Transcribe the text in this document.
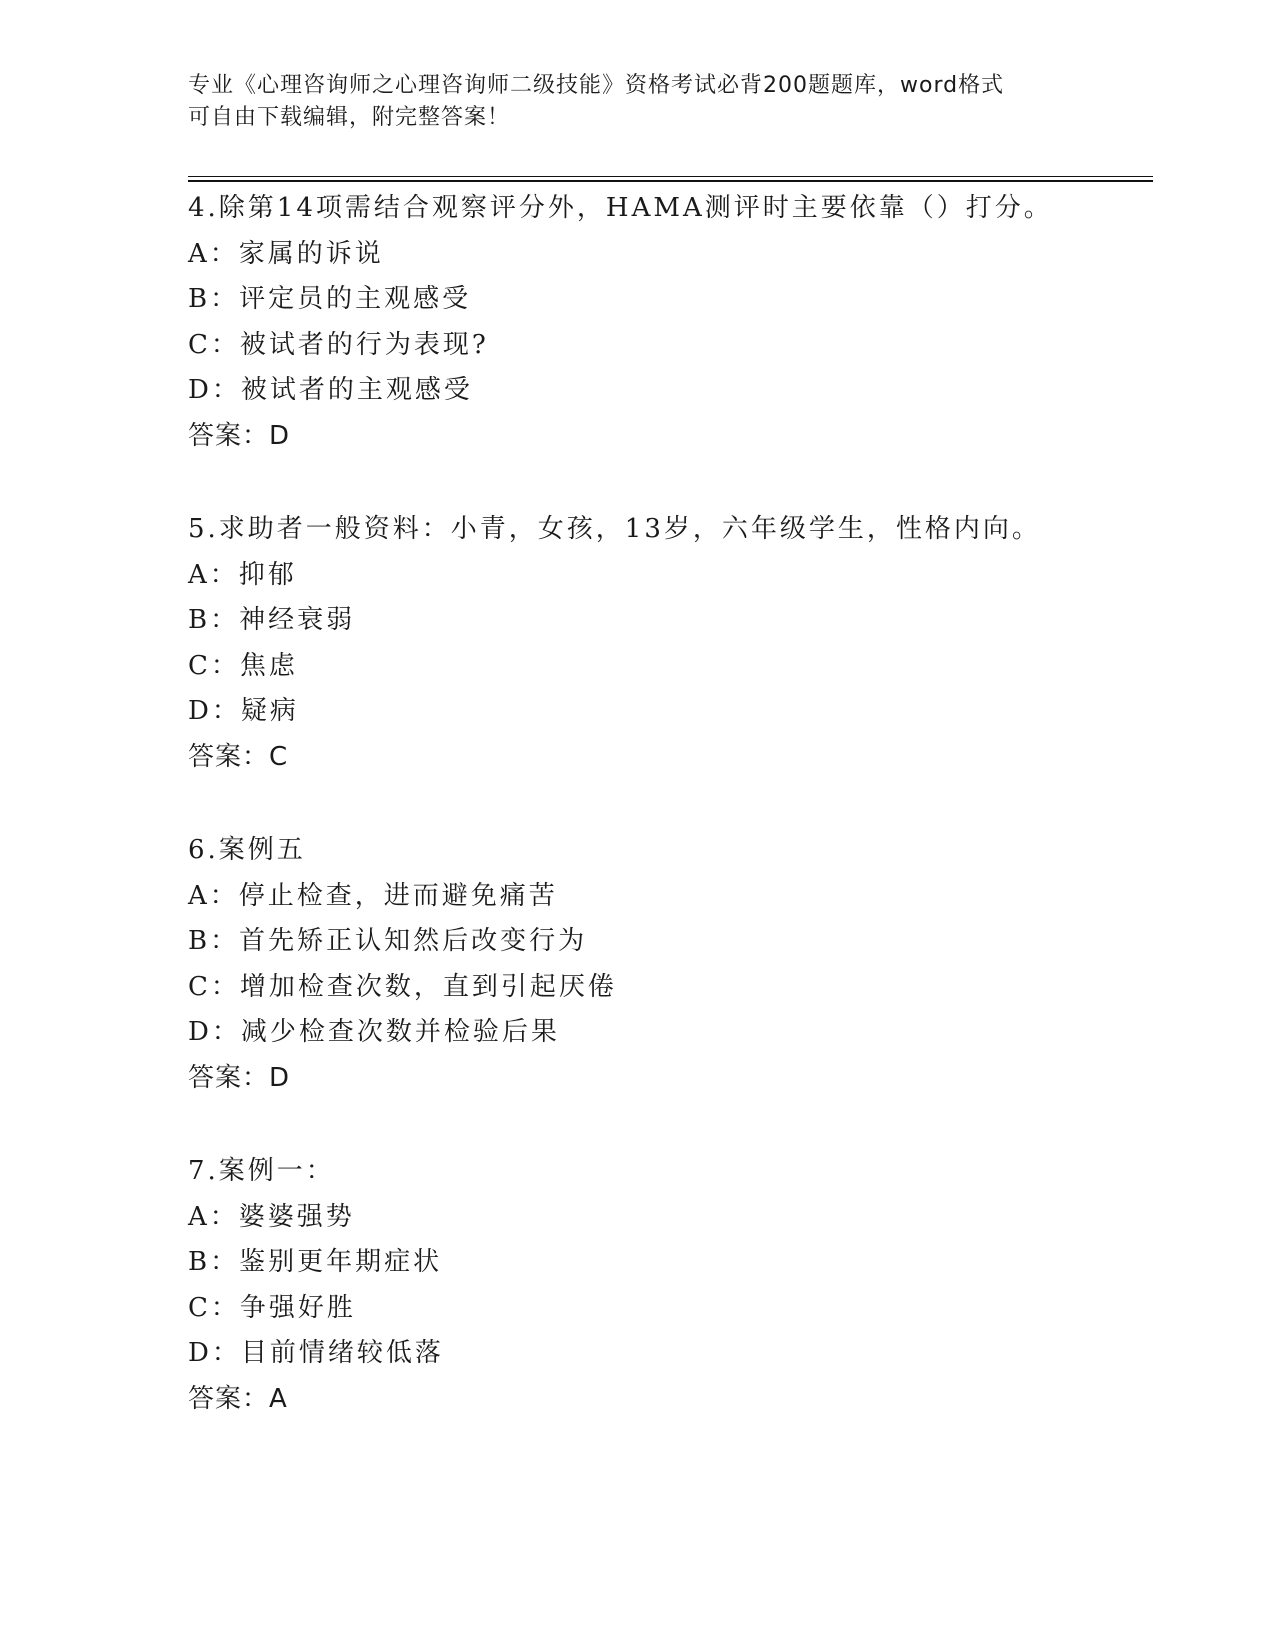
专业《心理咨询师之心理咨询师二级技能》资格考试必背200题题库，word格式
可自由下载编辑，附完整答案！
4.除第14项需结合观察评分外，HAMA测评时主要依靠（）打分。
A：家属的诉说
B：评定员的主观感受
C：被试者的行为表现?
D：被试者的主观感受
答案：D
5.求助者一般资料：小青，女孩，13岁，六年级学生，性格内向。
A：抑郁
B：神经衰弱
C：焦虑
D：疑病
答案：C
6.案例五
A：停止检查，进而避免痛苦
B：首先矫正认知然后改变行为
C：增加检查次数，直到引起厌倦
D：减少检查次数并检验后果
答案：D
7.案例一：
A：婆婆强势
B：鉴别更年期症状
C：争强好胜
D：目前情绪较低落
答案：A
